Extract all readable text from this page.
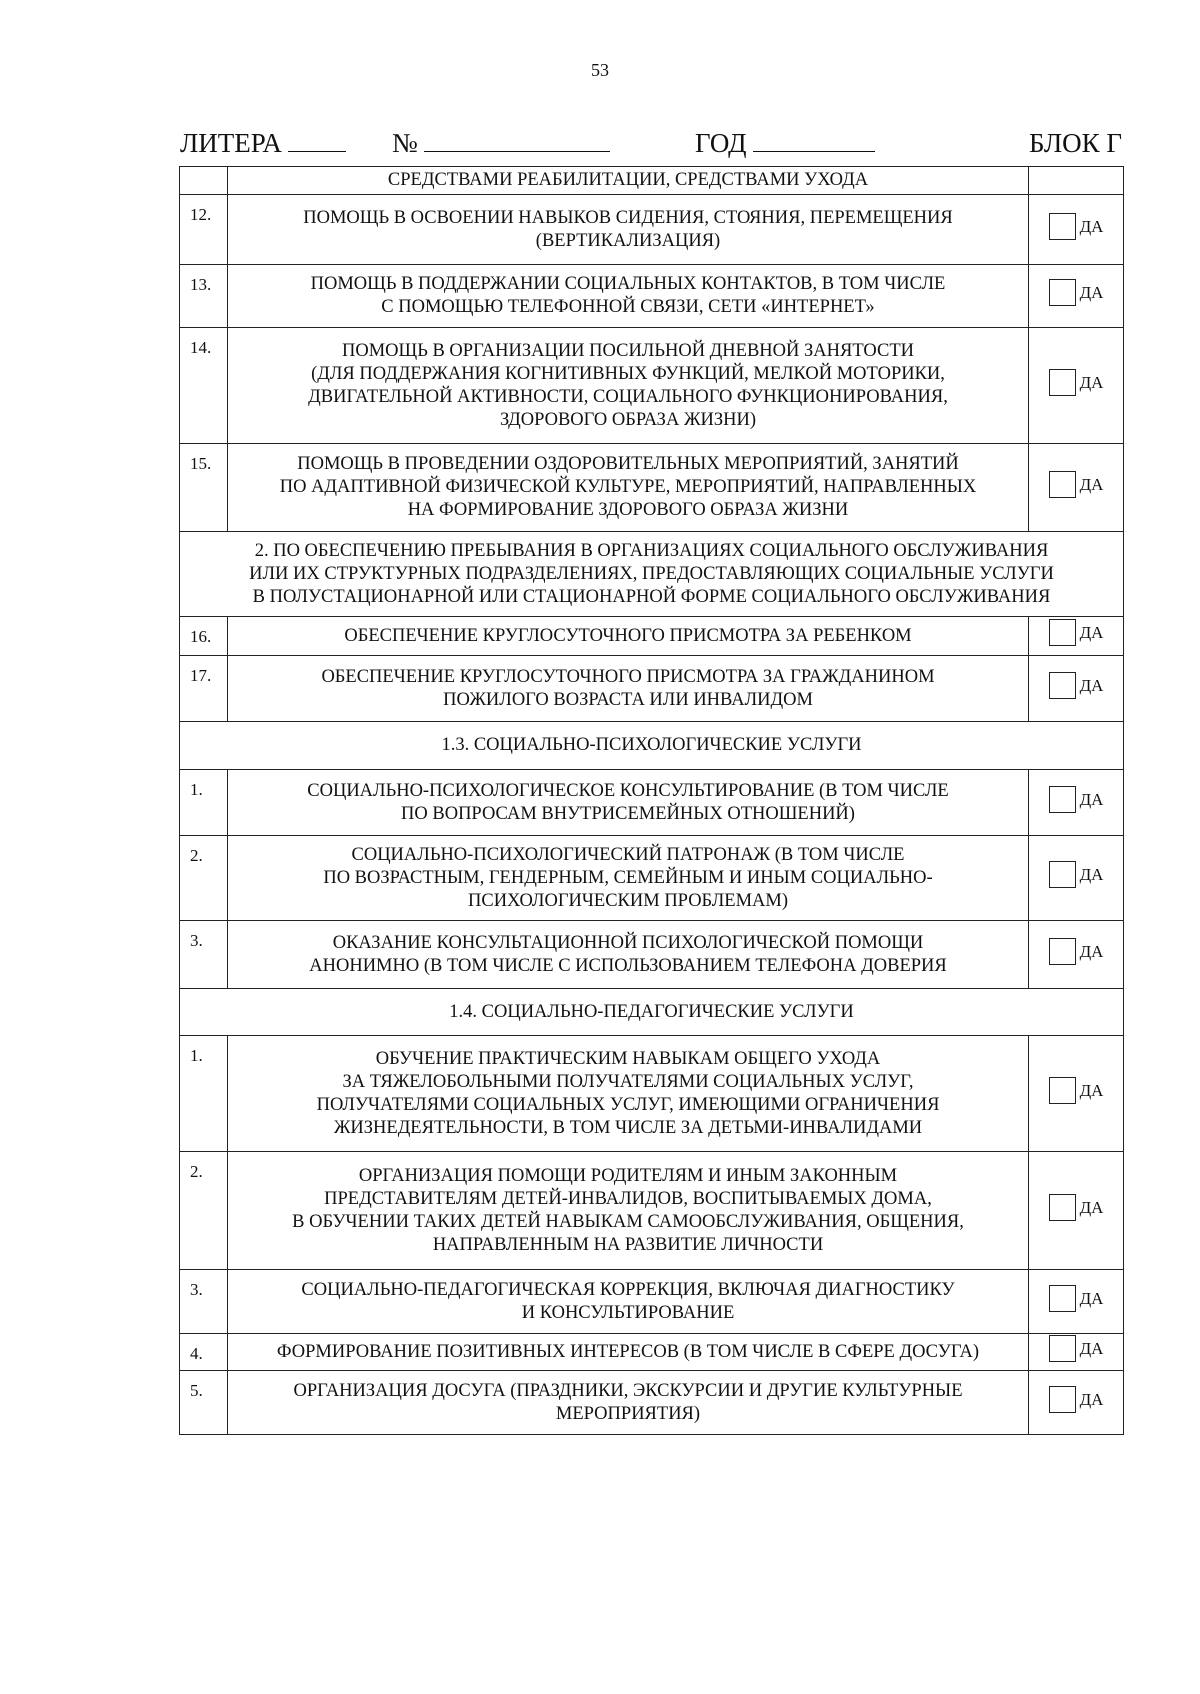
53
ЛИТЕРА	№	ГОД	БЛОК Г

	СРЕДСТВАМИ РЕАБИЛИТАЦИИ, СРЕДСТВАМИ УХОДА	

12.	ПОМОЩЬ В ОСВОЕНИИ НАВЫКОВ СИДЕНИЯ, СТОЯНИЯ, ПЕРЕМЕЩЕНИЯ
(ВЕРТИКАЛИЗАЦИЯ)	ДА

13.	ПОМОЩЬ В ПОДДЕРЖАНИИ СОЦИАЛЬНЫХ КОНТАКТОВ, В ТОМ ЧИСЛЕ
С ПОМОЩЬЮ ТЕЛЕФОННОЙ СВЯЗИ, СЕТИ «ИНТЕРНЕТ»	ДА

14.	ПОМОЩЬ В ОРГАНИЗАЦИИ ПОСИЛЬНОЙ ДНЕВНОЙ ЗАНЯТОСТИ
(ДЛЯ ПОДДЕРЖАНИЯ КОГНИТИВНЫХ ФУНКЦИЙ, МЕЛКОЙ МОТОРИКИ,
ДВИГАТЕЛЬНОЙ АКТИВНОСТИ, СОЦИАЛЬНОГО ФУНКЦИОНИРОВАНИЯ,
ЗДОРОВОГО ОБРАЗА ЖИЗНИ)	ДА

15.	ПОМОЩЬ В ПРОВЕДЕНИИ ОЗДОРОВИТЕЛЬНЫХ МЕРОПРИЯТИЙ, ЗАНЯТИЙ
ПО АДАПТИВНОЙ ФИЗИЧЕСКОЙ КУЛЬТУРЕ, МЕРОПРИЯТИЙ, НАПРАВЛЕННЫХ
НА ФОРМИРОВАНИЕ ЗДОРОВОГО ОБРАЗА ЖИЗНИ	ДА

2. ПО ОБЕСПЕЧЕНИЮ ПРЕБЫВАНИЯ В ОРГАНИЗАЦИЯХ СОЦИАЛЬНОГО ОБСЛУЖИВАНИЯ
ИЛИ ИХ СТРУКТУРНЫХ ПОДРАЗДЕЛЕНИЯХ, ПРЕДОСТАВЛЯЮЩИХ СОЦИАЛЬНЫЕ УСЛУГИ
В ПОЛУСТАЦИОНАРНОЙ ИЛИ СТАЦИОНАРНОЙ ФОРМЕ СОЦИАЛЬНОГО ОБСЛУЖИВАНИЯ		

16.	ОБЕСПЕЧЕНИЕ КРУГЛОСУТОЧНОГО ПРИСМОТРА ЗА РЕБЕНКОМ	ДА

17.	ОБЕСПЕЧЕНИЕ КРУГЛОСУТОЧНОГО ПРИСМОТРА ЗА ГРАЖДАНИНОМ
ПОЖИЛОГО ВОЗРАСТА ИЛИ ИНВАЛИДОМ	ДА

1.3. СОЦИАЛЬНО-ПСИХОЛОГИЧЕСКИЕ УСЛУГИ		

1.	СОЦИАЛЬНО-ПСИХОЛОГИЧЕСКОЕ КОНСУЛЬТИРОВАНИЕ (В ТОМ ЧИСЛЕ
ПО ВОПРОСАМ ВНУТРИСЕМЕЙНЫХ ОТНОШЕНИЙ)	ДА

2.	СОЦИАЛЬНО-ПСИХОЛОГИЧЕСКИЙ ПАТРОНАЖ (В ТОМ ЧИСЛЕ
ПО ВОЗРАСТНЫМ, ГЕНДЕРНЫМ, СЕМЕЙНЫМ И ИНЫМ СОЦИАЛЬНО-
ПСИХОЛОГИЧЕСКИМ ПРОБЛЕМАМ)	ДА

3.	ОКАЗАНИЕ КОНСУЛЬТАЦИОННОЙ ПСИХОЛОГИЧЕСКОЙ ПОМОЩИ
АНОНИМНО (В ТОМ ЧИСЛЕ С ИСПОЛЬЗОВАНИЕМ ТЕЛЕФОНА ДОВЕРИЯ	ДА

1.4. СОЦИАЛЬНО-ПЕДАГОГИЧЕСКИЕ УСЛУГИ		

1.	ОБУЧЕНИЕ ПРАКТИЧЕСКИМ НАВЫКАМ ОБЩЕГО УХОДА
ЗА ТЯЖЕЛОБОЛЬНЫМИ ПОЛУЧАТЕЛЯМИ СОЦИАЛЬНЫХ УСЛУГ,
ПОЛУЧАТЕЛЯМИ СОЦИАЛЬНЫХ УСЛУГ, ИМЕЮЩИМИ ОГРАНИЧЕНИЯ
ЖИЗНЕДЕЯТЕЛЬНОСТИ, В ТОМ ЧИСЛЕ ЗА ДЕТЬМИ-ИНВАЛИДАМИ	ДА

2.	ОРГАНИЗАЦИЯ ПОМОЩИ РОДИТЕЛЯМ И ИНЫМ ЗАКОННЫМ
ПРЕДСТАВИТЕЛЯМ ДЕТЕЙ-ИНВАЛИДОВ, ВОСПИТЫВАЕМЫХ ДОМА,
В ОБУЧЕНИИ ТАКИХ ДЕТЕЙ НАВЫКАМ САМООБСЛУЖИВАНИЯ, ОБЩЕНИЯ,
НАПРАВЛЕННЫМ НА РАЗВИТИЕ ЛИЧНОСТИ	ДА

3.	СОЦИАЛЬНО-ПЕДАГОГИЧЕСКАЯ КОРРЕКЦИЯ, ВКЛЮЧАЯ ДИАГНОСТИКУ
И КОНСУЛЬТИРОВАНИЕ	ДА

4.	ФОРМИРОВАНИЕ ПОЗИТИВНЫХ ИНТЕРЕСОВ (В ТОМ ЧИСЛЕ В СФЕРЕ ДОСУГА)	ДА

5.	ОРГАНИЗАЦИЯ ДОСУГА (ПРАЗДНИКИ, ЭКСКУРСИИ И ДРУГИЕ КУЛЬТУРНЫЕ
МЕРОПРИЯТИЯ)	ДА
